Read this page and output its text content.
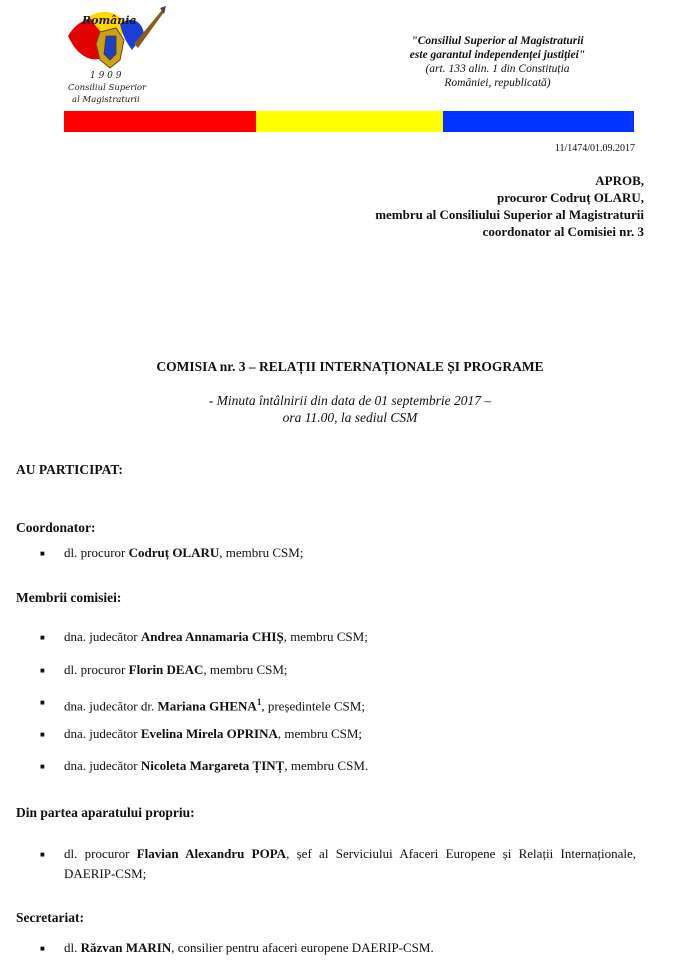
România
1 9 0 9
Consiliul Superior
al Magistraturii
"Consiliul Superior al Magistraturii
este garantul independenței justiției"
(art. 133 alin. 1 din Constituția
României, republicată)
11/1474/01.09.2017
APROB,
procuror Codruț OLARU,
membru al Consiliului Superior al Magistraturii
coordonator al Comisiei nr. 3
COMISIA nr. 3 – RELAȚII INTERNAȚIONALE ȘI PROGRAME
- Minuta întâlnirii din data de 01 septembrie 2017 –
ora 11.00, la sediul CSM
AU PARTICIPAT:
Coordonator:
■	dl. procuror Codruț OLARU, membru CSM;
Membrii comisiei:
■	dna. judecător Andrea Annamaria CHIȘ, membru CSM;
■	dl. procuror Florin DEAC, membru CSM;
■	dna. judecător dr. Mariana GHENA$^1$, președintele CSM;
■	dna. judecător Evelina Mirela OPRINA, membru CSM;
■	dna. judecător Nicoleta Margareta ȚINȚ, membru CSM.
Din partea aparatului propriu:
■	dl. procuror Flavian Alexandru POPA, șef al Serviciului Afaceri Europene și Relații Internaționale, DAERIP-CSM;
Secretariat:
■	dl. Răzvan MARIN, consilier pentru afaceri europene DAERIP-CSM.
